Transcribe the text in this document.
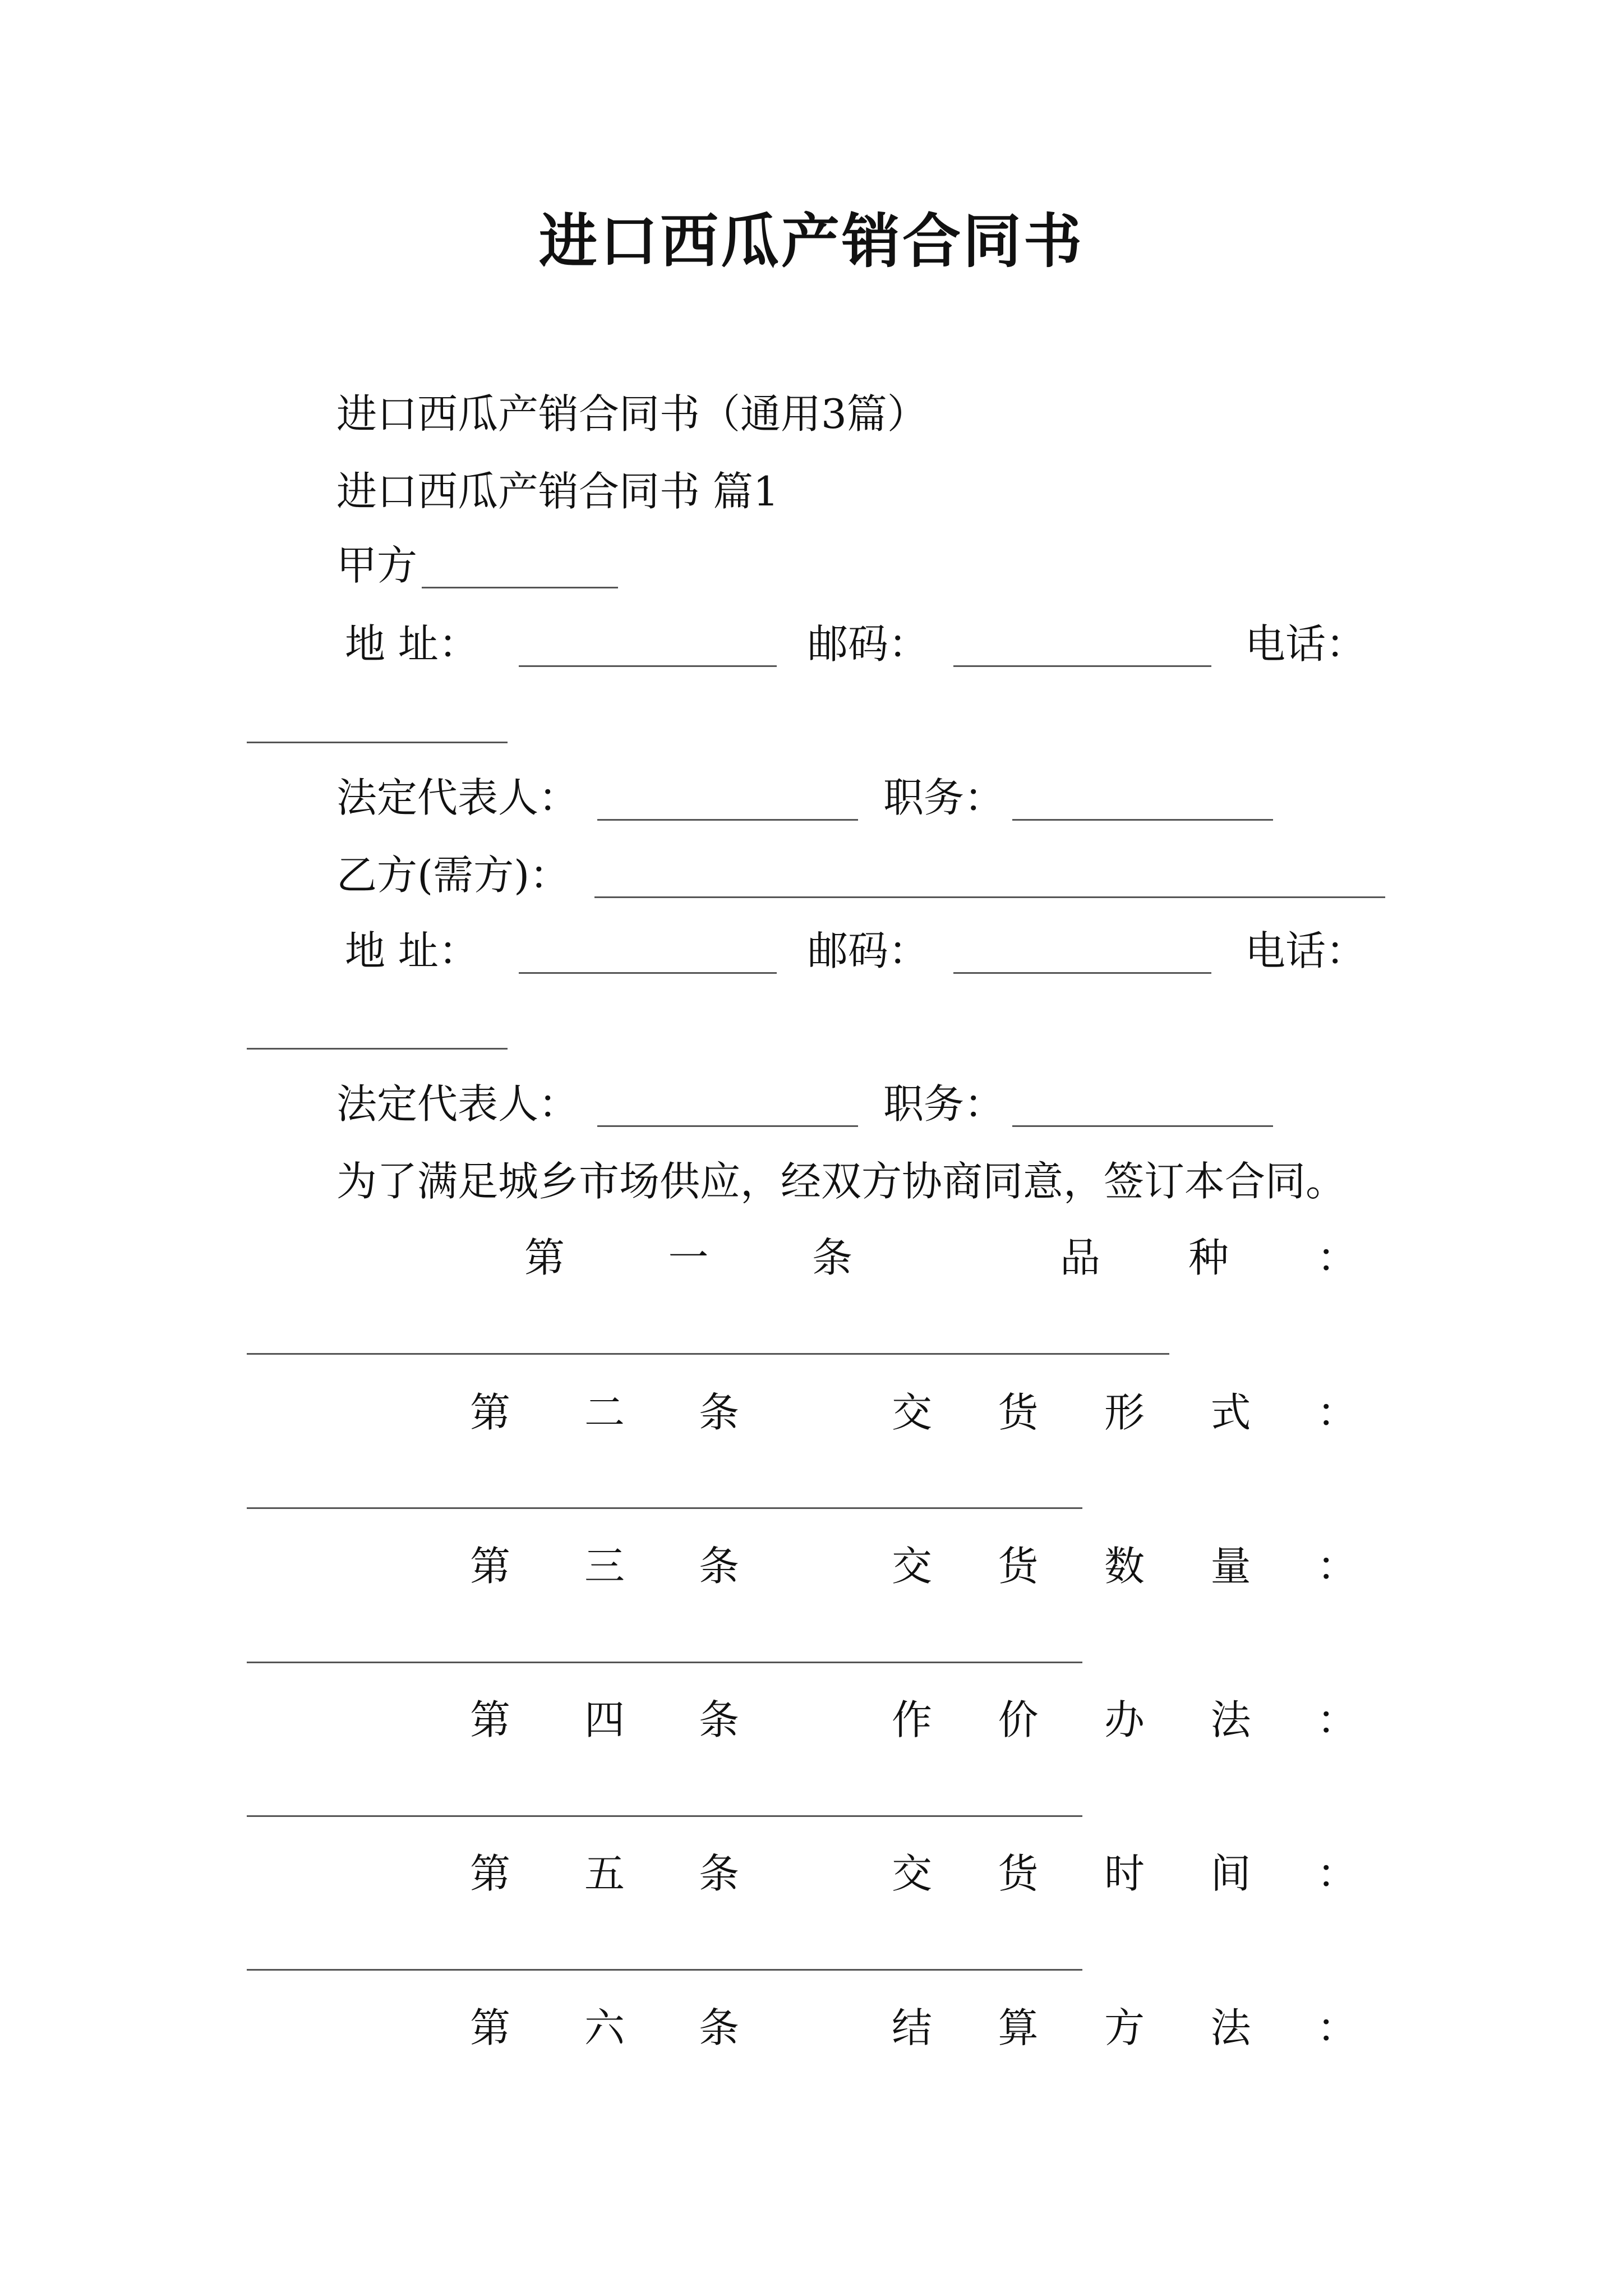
进口西瓜产销合同书
进口西瓜产销合同书（通用3篇）
进口西瓜产销合同书 篇1
甲方
地 址：	邮码：	电话：
法定代表人：	职务：
乙方(需方)：
地 址：	邮码：	电话：
法定代表人：	职务：
为了满足城乡市场供应，经双方协商同意，签订本合同。
第	一	条	品 种 ：
第 二 条	交 货 形 式 ：
第 三 条	交 货 数 量 ：
第 四 条	作 价 办 法 ：
第 五 条	交 货 时 间 ：
第 六 条	结 算 方 法 ：
